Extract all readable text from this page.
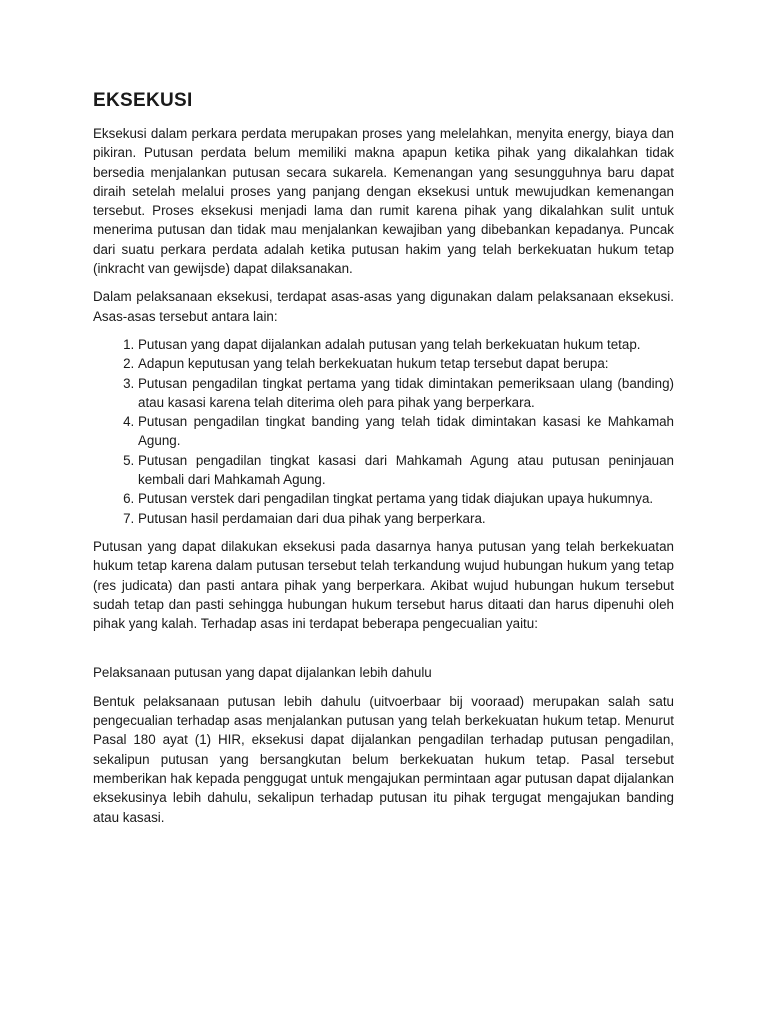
EKSEKUSI

Eksekusi dalam perkara perdata merupakan proses yang melelahkan, menyita energy, biaya dan pikiran. Putusan perdata belum memiliki makna apapun ketika pihak yang dikalahkan tidak bersedia menjalankan putusan secara sukarela. Kemenangan yang sesungguhnya baru dapat diraih setelah melalui proses yang panjang dengan eksekusi untuk mewujudkan kemenangan tersebut. Proses eksekusi menjadi lama dan rumit karena pihak yang dikalahkan sulit untuk menerima putusan dan tidak mau menjalankan kewajiban yang dibebankan kepadanya. Puncak dari suatu perkara perdata adalah ketika putusan hakim yang telah berkekuatan hukum tetap (inkracht van gewijsde) dapat dilaksanakan.

Dalam pelaksanaan eksekusi, terdapat asas-asas yang digunakan dalam pelaksanaan eksekusi. Asas-asas tersebut antara lain:

1. Putusan yang dapat dijalankan adalah putusan yang telah berkekuatan hukum tetap.
2. Adapun keputusan yang telah berkekuatan hukum tetap tersebut dapat berupa:
3. Putusan pengadilan tingkat pertama yang tidak dimintakan pemeriksaan ulang (banding) atau kasasi karena telah diterima oleh para pihak yang berperkara.
4. Putusan pengadilan tingkat banding yang telah tidak dimintakan kasasi ke Mahkamah Agung.
5. Putusan pengadilan tingkat kasasi dari Mahkamah Agung atau putusan peninjauan kembali dari Mahkamah Agung.
6. Putusan verstek dari pengadilan tingkat pertama yang tidak diajukan upaya hukumnya.
7. Putusan hasil perdamaian dari dua pihak yang berperkara.

Putusan yang dapat dilakukan eksekusi pada dasarnya hanya putusan yang telah berkekuatan hukum tetap karena dalam putusan tersebut telah terkandung wujud hubungan hukum yang tetap (res judicata) dan pasti antara pihak yang berperkara. Akibat wujud hubungan hukum tersebut sudah tetap dan pasti sehingga hubungan hukum tersebut harus ditaati dan harus dipenuhi oleh pihak yang kalah. Terhadap asas ini terdapat beberapa pengecualian yaitu:

Pelaksanaan putusan yang dapat dijalankan lebih dahulu

Bentuk pelaksanaan putusan lebih dahulu (uitvoerbaar bij vooraad) merupakan salah satu pengecualian terhadap asas menjalankan putusan yang telah berkekuatan hukum tetap. Menurut Pasal 180 ayat (1) HIR, eksekusi dapat dijalankan pengadilan terhadap putusan pengadilan, sekalipun putusan yang bersangkutan belum berkekuatan hukum tetap. Pasal tersebut memberikan hak kepada penggugat untuk mengajukan permintaan agar putusan dapat dijalankan eksekusinya lebih dahulu, sekalipun terhadap putusan itu pihak tergugat mengajukan banding atau kasasi.
